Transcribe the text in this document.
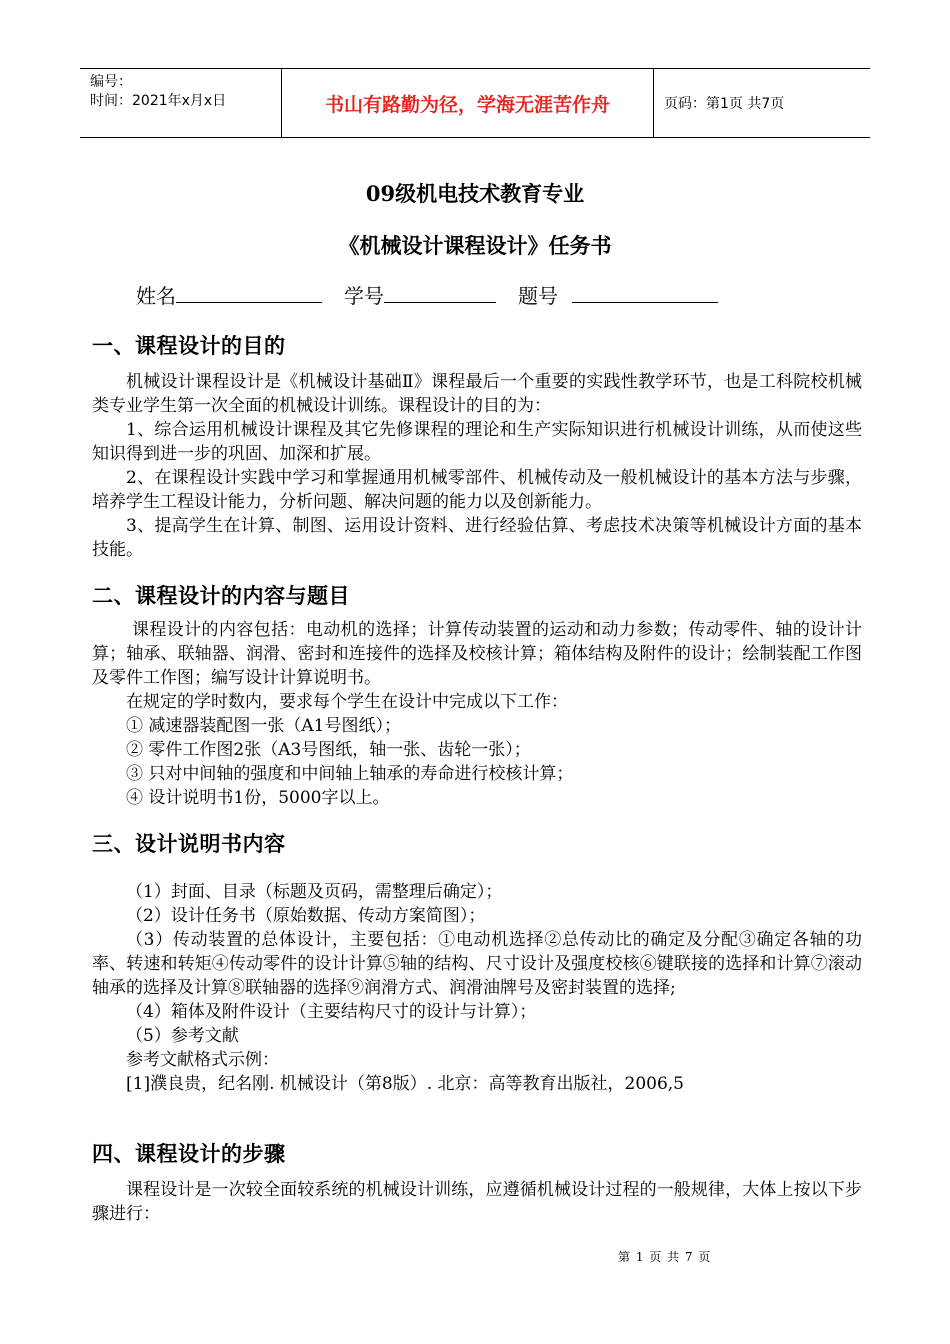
编号：
时间：2021年x月x日	书山有路勤为径，学海无涯苦作舟	页码：第1页 共7页
09级机电技术教育专业
《机械设计课程设计》任务书
姓名	学号	题号
一、课程设计的目的

机械设计课程设计是《机械设计基础Ⅱ》课程最后一个重要的实践性教学环节，也是工科院校机械类专业学生第一次全面的机械设计训练。课程设计的目的为：

1、综合运用机械设计课程及其它先修课程的理论和生产实际知识进行机械设计训练，从而使这些知识得到进一步的巩固、加深和扩展。

2、在课程设计实践中学习和掌握通用机械零部件、机械传动及一般机械设计的基本方法与步骤，培养学生工程设计能力，分析问题、解决问题的能力以及创新能力。

3、提高学生在计算、制图、运用设计资料、进行经验估算、考虑技术决策等机械设计方面的基本技能。

二、课程设计的内容与题目

课程设计的内容包括：电动机的选择；计算传动装置的运动和动力参数；传动零件、轴的设计计算；轴承、联轴器、润滑、密封和连接件的选择及校核计算；箱体结构及附件的设计；绘制装配工作图及零件工作图；编写设计计算说明书。

在规定的学时数内，要求每个学生在设计中完成以下工作：

① 减速器装配图一张（A1号图纸）；

② 零件工作图2张（A3号图纸，轴一张、齿轮一张）；

③ 只对中间轴的强度和中间轴上轴承的寿命进行校核计算；

④ 设计说明书1份，5000字以上。

三、设计说明书内容

（1）封面、目录（标题及页码，需整理后确定）；

（2）设计任务书（原始数据、传动方案简图）；

（3）传动装置的总体设计，主要包括：①电动机选择②总传动比的确定及分配③确定各轴的功率、转速和转矩④传动零件的设计计算⑤轴的结构、尺寸设计及强度校核⑥键联接的选择和计算⑦滚动轴承的选择及计算⑧联轴器的选择⑨润滑方式、润滑油牌号及密封装置的选择;

（4）箱体及附件设计（主要结构尺寸的设计与计算）；

（5）参考文献

参考文献格式示例：

[1]濮良贵，纪名刚. 机械设计（第8版）. 北京：高等教育出版社，2006,5

四、课程设计的步骤

课程设计是一次较全面较系统的机械设计训练，应遵循机械设计过程的一般规律，大体上按以下步骤进行：

第 1 页 共 7 页
